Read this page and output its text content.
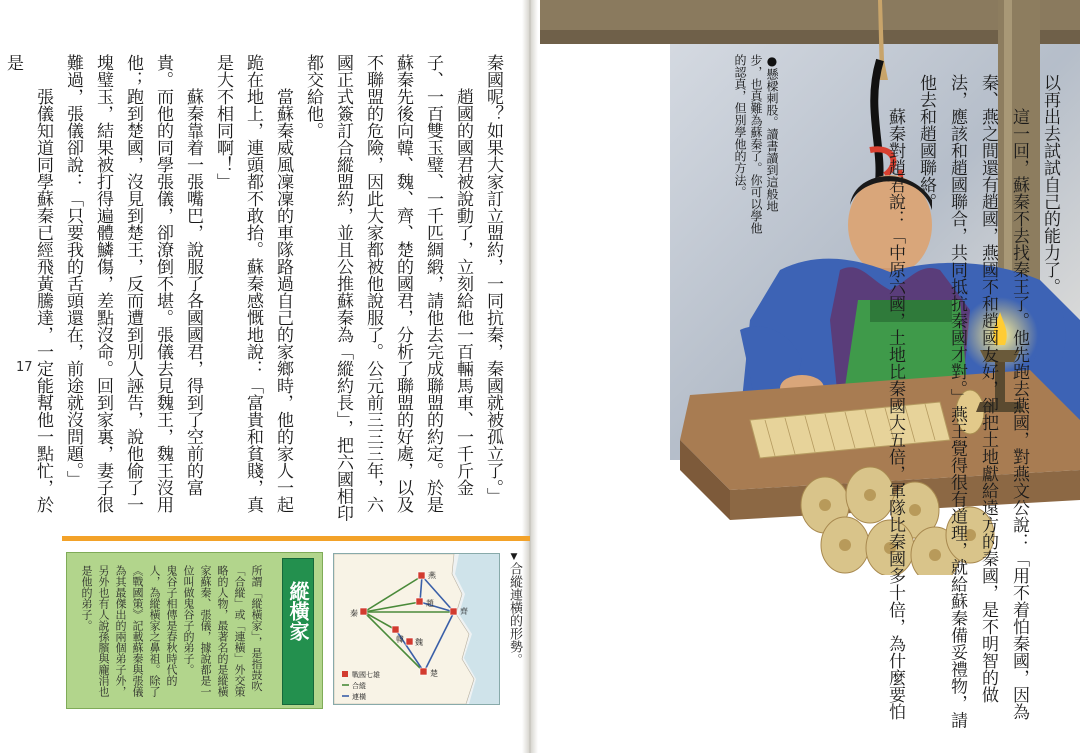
秦國呢？如果大家訂立盟約，一同抗秦，秦國就被孤立了。」

趙國的國君被說動了，立刻給他一百輛馬車、一千斤金子、一百雙玉璧、一千匹綢緞，請他去完成聯盟的約定。於是蘇秦先後向韓、魏、齊、楚的國君，分析了聯盟的好處，以及不聯盟的危險，因此大家都被他說服了。公元前三三三年，六國正式簽訂合縱盟約，並且公推蘇秦為「縱約長」，把六國相印都交給他。

當蘇秦威風凜凜的車隊路過自己的家鄉時，他的家人一起跪在地上，連頭都不敢抬。蘇秦感慨地說：「富貴和貧賤，真是大不相同啊！」

蘇秦靠着一張嘴巴，說服了各國國君，得到了空前的富貴。而他的同學張儀，卻潦倒不堪。張儀去見魏王，魏王沒用他；跑到楚國，沒見到楚王，反而遭到別人誣告，說他偷了一塊璧玉，結果被打得遍體鱗傷，差點沒命。回到家裏，妻子很難過，張儀卻說：「只要我的舌頭還在，前途就沒問題。」

張儀知道同學蘇秦已經飛黃騰達，一定能幫他一點忙，於是

17
▼合縱連橫的形勢。
秦
燕
趙
韓 魏
齊
楚
戰國七雄
合縱
連橫

所謂「縱橫家」，是指鼓吹「合縱」或「連橫」外交策略的人物，最著名的是縱橫家蘇秦、張儀，據說都是一位叫做鬼谷子的弟子。

鬼谷子相傳是春秋時代的人，為縱橫家之鼻祖。除了《戰國策》記載蘇秦與張儀為其最傑出的兩個弟子外，另外也有人說孫臏與龐涓也是他的弟子。	縱橫家
●懸樑刺股。讀書讀到這般地步，也真難為蘇秦了。你可以學他的認真，但別學他的方法。	以再出去試試自己的能力了。

這一回，蘇秦不去找秦王了。他先跑去燕國，對燕文公說：「用不着怕秦國，因為秦、燕之間還有趙國，燕國不和趙國友好，卻把土地獻給遠方的秦國，是不明智的做法，應該和趙國聯合，共同抵抗秦國才對。」燕王覺得很有道理，就給蘇秦備妥禮物，請他去和趙國聯絡。

蘇秦對趙君說：「中原六國，土地比秦國大五倍，軍隊比秦國多十倍，為什麼要怕
